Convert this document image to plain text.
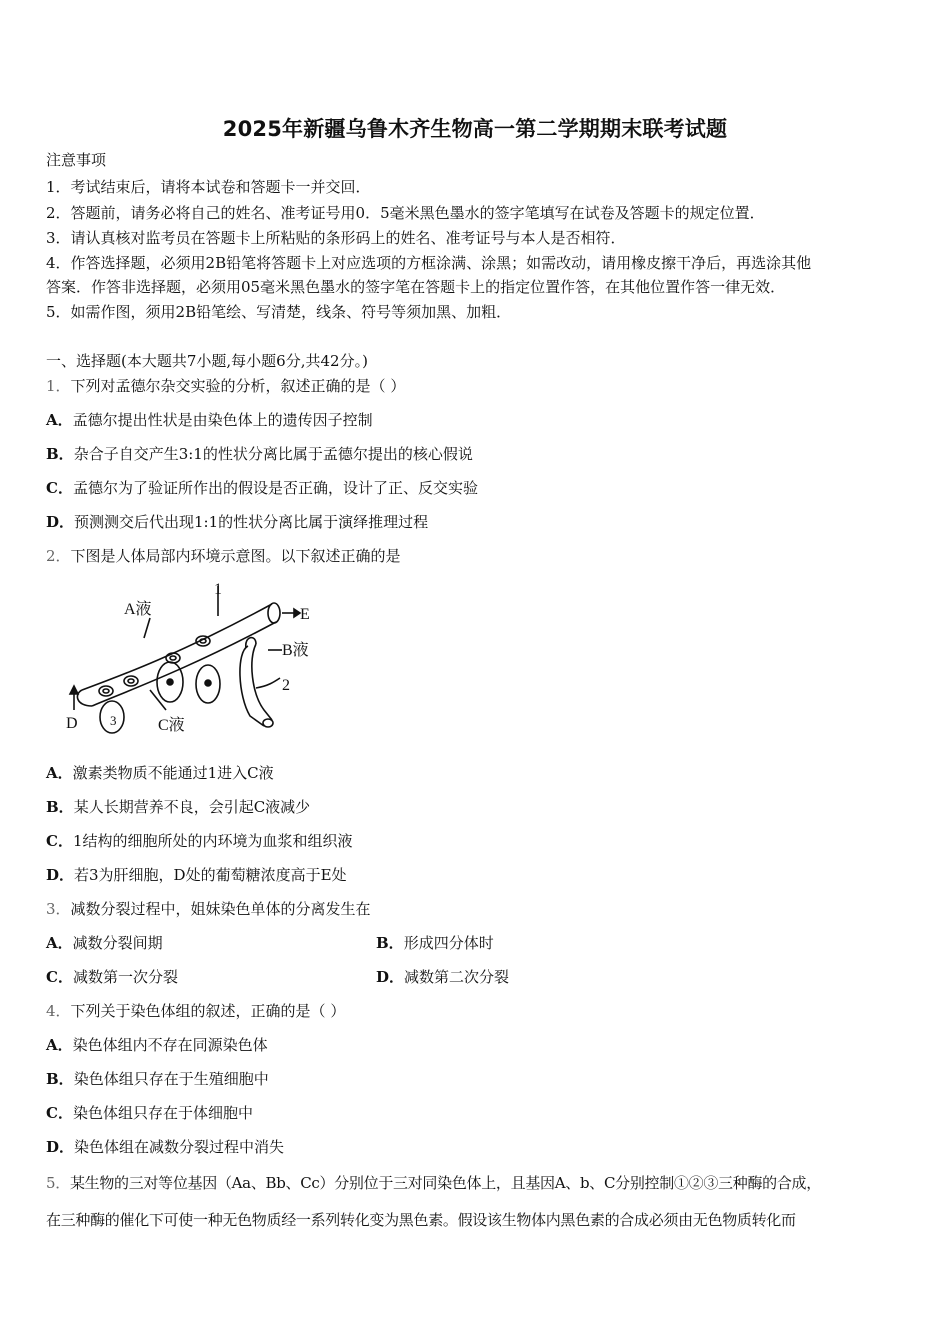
2025年新疆乌鲁木齐生物高一第二学期期末联考试题
注意事项
1．考试结束后，请将本试卷和答题卡一并交回．
2．答题前，请务必将自己的姓名、准考证号用0．5毫米黑色墨水的签字笔填写在试卷及答题卡的规定位置．
3．请认真核对监考员在答题卡上所粘贴的条形码上的姓名、准考证号与本人是否相符．
4．作答选择题，必须用2B铅笔将答题卡上对应选项的方框涂满、涂黑；如需改动，请用橡皮擦干净后，再选涂其他
答案．作答非选择题，必须用05毫米黑色墨水的签字笔在答题卡上的指定位置作答，在其他位置作答一律无效．
5．如需作图，须用2B铅笔绘、写清楚，线条、符号等须加黑、加粗．
一、选择题(本大题共7小题,每小题6分,共42分。)
1．下列对孟德尔杂交实验的分析，叙述正确的是（ ）
A．孟德尔提出性状是由染色体上的遗传因子控制
B．杂合子自交产生3:1的性状分离比属于孟德尔提出的核心假说
C．孟德尔为了验证所作出的假设是否正确，设计了正、反交实验
D．预测测交后代出现1:1的性状分离比属于演绎推理过程
2．下图是人体局部内环境示意图。以下叙述正确的是
A液
1
E
B液
2
D 3	C液
A．激素类物质不能通过1进入C液
B．某人长期营养不良，会引起C液减少
C．1结构的细胞所处的内环境为血浆和组织液
D．若3为肝细胞，D处的葡萄糖浓度高于E处
3．减数分裂过程中，姐妹染色单体的分离发生在
A．减数分裂间期	B．形成四分体时
C．减数第一次分裂	D．减数第二次分裂
4．下列关于染色体组的叙述，正确的是（ ）
A．染色体组内不存在同源染色体
B．染色体组只存在于生殖细胞中
C．染色体组只存在于体细胞中
D．染色体组在减数分裂过程中消失
5．某生物的三对等位基因（Aa、Bb、Cc）分别位于三对同染色体上，且基因A、b、C分别控制①②③三种酶的合成，
在三种酶的催化下可使一种无色物质经一系列转化变为黑色素。假设该生物体内黑色素的合成必须由无色物质转化而
